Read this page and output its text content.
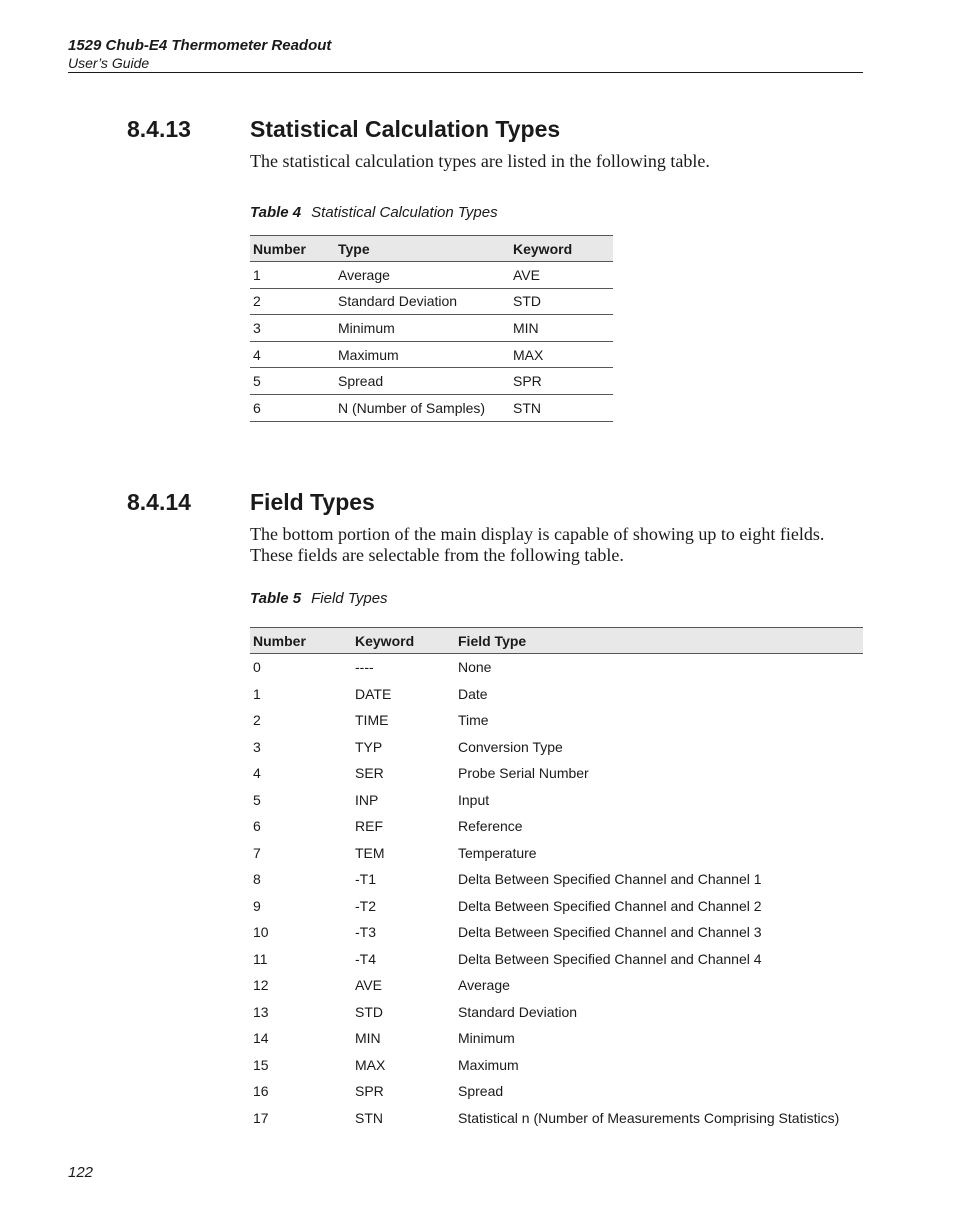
1529 Chub-E4 Thermometer Readout
User’s Guide
8.4.13	Statistical Calculation Types
The statistical calculation types are listed in the following table.
Table 4 Statistical Calculation Types
Number	Type	Keyword
1	Average	AVE
2	Standard Deviation	STD
3	Minimum	MIN
4	Maximum	MAX
5	Spread	SPR
6	N (Number of Samples)	STN
8.4.14	Field Types
The bottom portion of the main display is capable of showing up to eight fields. These fields are selectable from the following table.
Table 5 Field Types
Number	Keyword	Field Type
0	----	None
1	DATE	Date
2	TIME	Time
3	TYP	Conversion Type
4	SER	Probe Serial Number
5	INP	Input
6	REF	Reference
7	TEM	Temperature
8	-T1	Delta Between Specified Channel and Channel 1
9	-T2	Delta Between Specified Channel and Channel 2
10	-T3	Delta Between Specified Channel and Channel 3
11	-T4	Delta Between Specified Channel and Channel 4
12	AVE	Average
13	STD	Standard Deviation
14	MIN	Minimum
15	MAX	Maximum
16	SPR	Spread
17	STN	Statistical n (Number of Measurements Comprising Statistics)
122
